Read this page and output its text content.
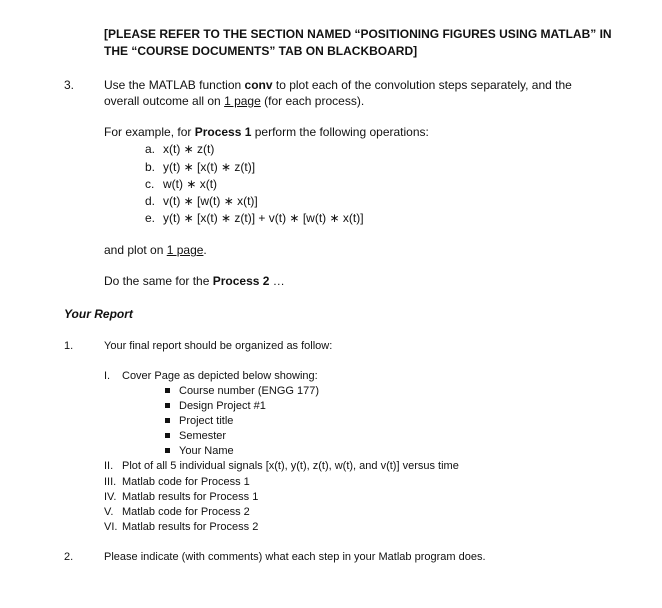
[PLEASE REFER TO THE SECTION NAMED “POSITIONING FIGURES USING MATLAB” IN
THE “COURSE DOCUMENTS” TAB ON BLACKBOARD]
3. Use the MATLAB function conv to plot each of the convolution steps separately, and the
overall outcome all on 1 page (for each process).
For example, for Process 1 perform the following operations:
a. x(t) ∗ z(t)
b. y(t) ∗ [x(t) ∗ z(t)]
c. w(t) ∗ x(t)
d. v(t) ∗ [w(t) ∗ x(t)]
e. y(t) ∗ [x(t) ∗ z(t)] + v(t) ∗ [w(t) ∗ x(t)]
and plot on 1 page.
Do the same for the Process 2 …
Your Report
1.	Your final report should be organized as follow:
I. Cover Page as depicted below showing:
Course number (ENGG 177)
Design Project #1
Project title
Semester
Your Name
II. Plot of all 5 individual signals [x(t), y(t), z(t), w(t), and v(t)] versus time
III. Matlab code for Process 1
IV. Matlab results for Process 1
V. Matlab code for Process 2
VI. Matlab results for Process 2
2.	Please indicate (with comments) what each step in your Matlab program does.
